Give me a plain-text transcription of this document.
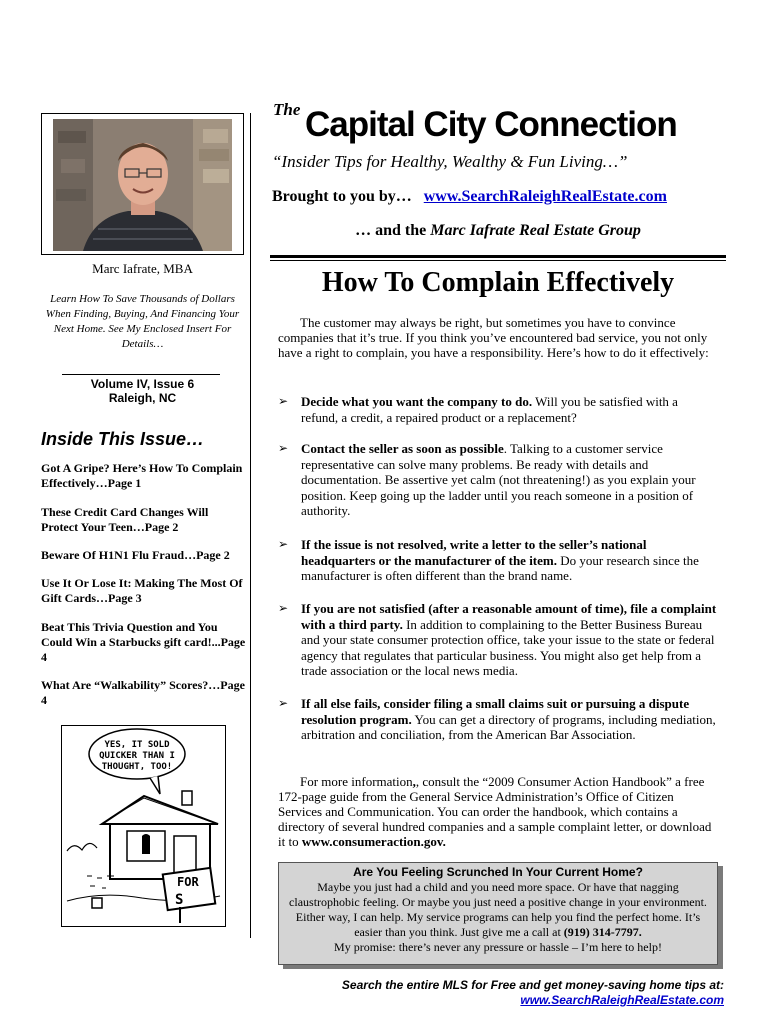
Marc Iafrate, MBA
Learn How To Save Thousands of Dollars When Finding, Buying, And Financing Your Next Home. See My Enclosed Insert For Details…
Volume IV, Issue 6
Raleigh, NC
Inside This Issue…
Got A Gripe? Here’s How To Complain Effectively…Page 1
These Credit Card Changes Will Protect Your Teen…Page 2
Beware Of H1N1 Flu Fraud…Page 2
Use It Or Lose It: Making The Most Of Gift Cards…Page 3
Beat This Trivia Question and You Could Win a Starbucks gift card!...Page 4
What Are “Walkability” Scores?…Page 4
YES, IT SOLD
QUICKER THAN I
THOUGHT, TOO!
FOR
S
The Capital City Connection
“Insider Tips for Healthy, Wealthy & Fun Living…”
Brought to you by… www.SearchRaleighRealEstate.com
… and the Marc Iafrate Real Estate Group
How To Complain Effectively
The customer may always be right, but sometimes you have to convince companies that it’s true. If you think you’ve encountered bad service, you not only have a right to complain, you have a responsibility. Here’s how to do it effectively:
➢ Decide what you want the company to do. Will you be satisfied with a refund, a credit, a repaired product or a replacement?
➢ Contact the seller as soon as possible. Talking to a customer service representative can solve many problems. Be ready with details and documentation. Be assertive yet calm (not threatening!) as you explain your position. Keep going up the ladder until you reach someone in a position of authority.
➢ If the issue is not resolved, write a letter to the seller’s national headquarters or the manufacturer of the item. Do your research since the manufacturer is often different than the brand name.
➢ If you are not satisfied (after a reasonable amount of time), file a complaint with a third party. In addition to complaining to the Better Business Bureau and your state consumer protection office, take your issue to the state or federal agency that regulates that particular business. You might also get help from a trade association or the local news media.
➢ If all else fails, consider filing a small claims suit or pursuing a dispute resolution program. You can get a directory of programs, including mediation, arbitration and conciliation, from the American Bar Association.
For more information,, consult the “2009 Consumer Action Handbook” a free 172-page guide from the General Service Administration’s Office of Citizen Services and Communication. You can order the handbook, which contains a directory of several hundred companies and a sample complaint letter, or download it to www.consumeraction.gov.
Are You Feeling Scrunched In Your Current Home?
Maybe you just had a child and you need more space. Or have that nagging claustrophobic feeling. Or maybe you just need a positive change in your environment. Either way, I can help. My service programs can help you find the perfect home. It’s easier than you think. Just give me a call at (919) 314-7797.
My promise: there’s never any pressure or hassle – I’m here to help!
Search the entire MLS for Free and get money-saving home tips at:
www.SearchRaleighRealEstate.com
